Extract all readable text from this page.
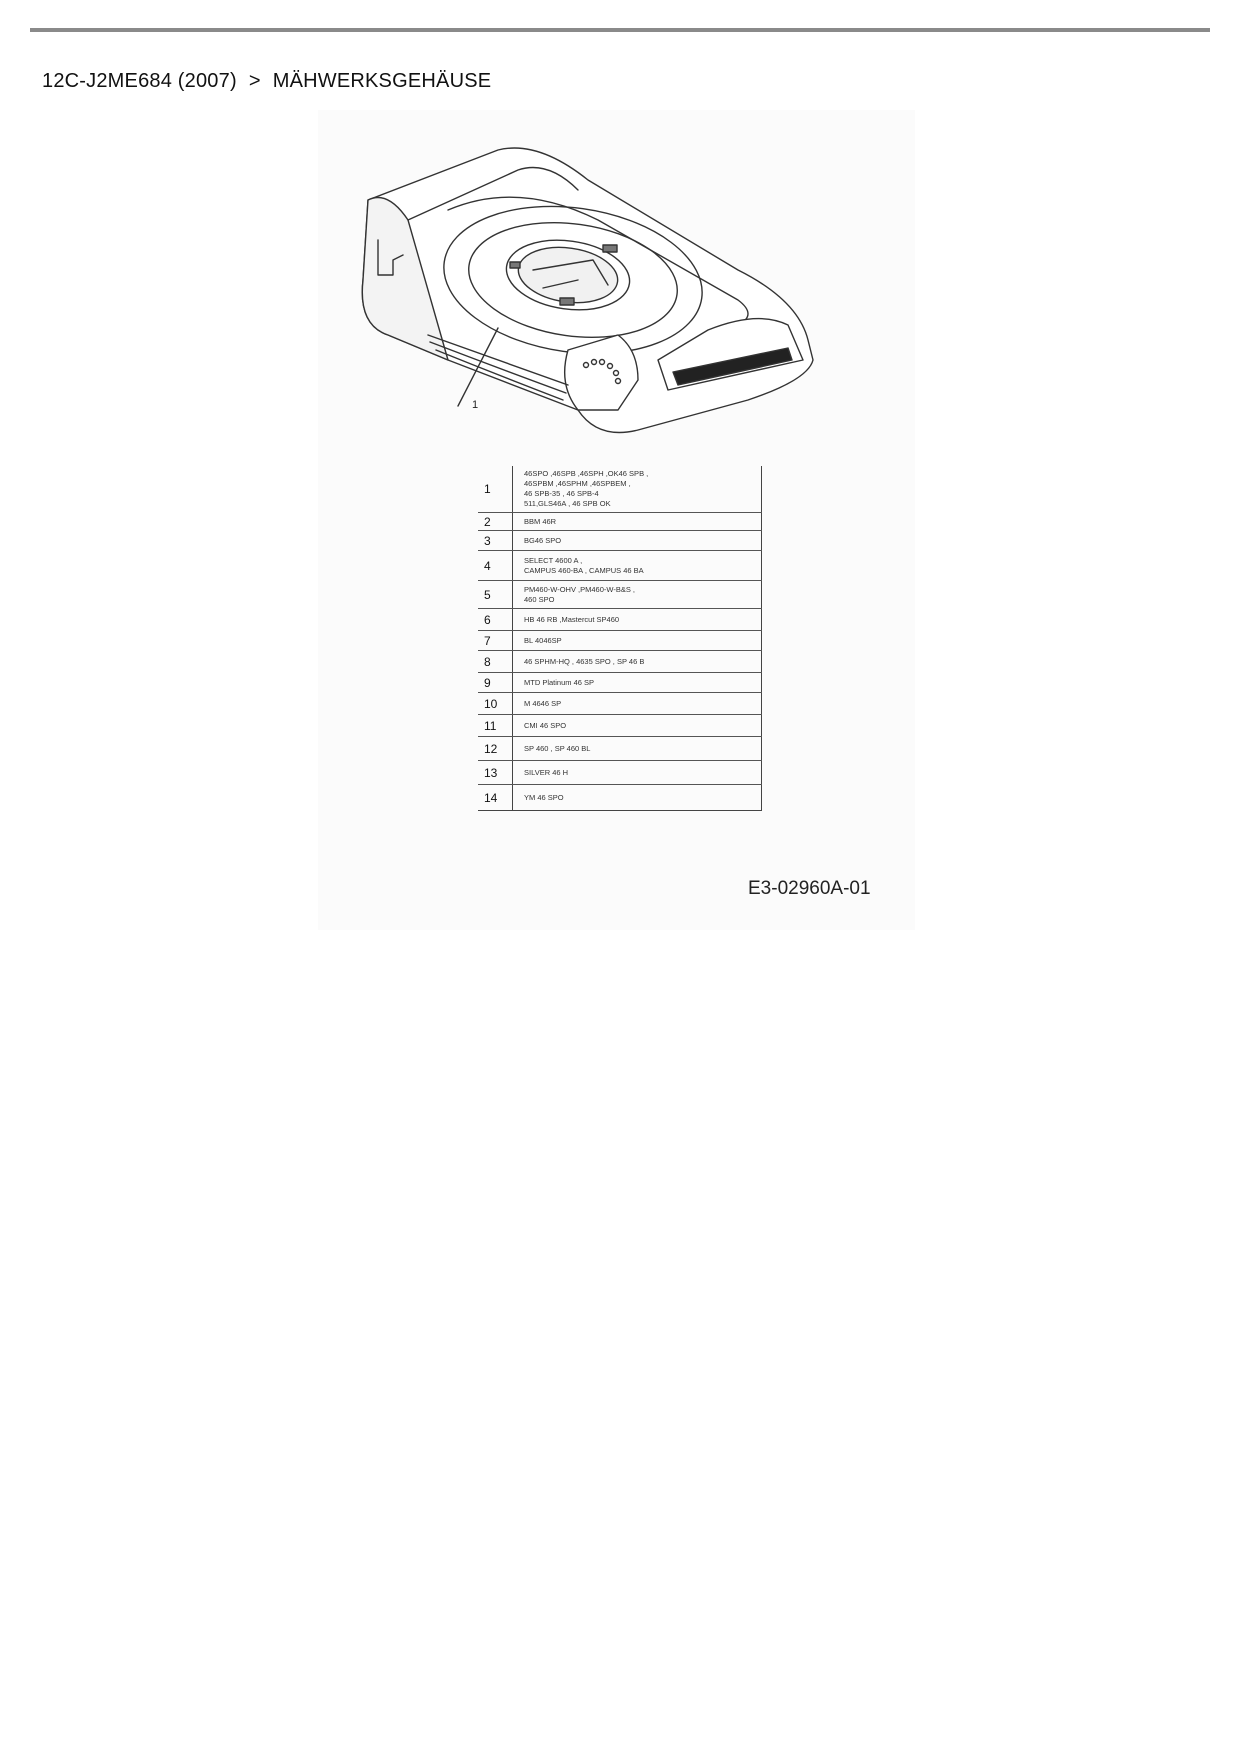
12C-J2ME684 (2007) > MÄHWERKSGEHÄUSE
1
1	46SPO ,46SPB ,46SPH ,OK46 SPB ,
46SPBM ,46SPHM ,46SPBEM ,
46 SPB-35 , 46 SPB-4
511,GLS46A , 46 SPB OK
2	BBM 46R
3	BG46 SPO
4	SELECT 4600 A ,
CAMPUS 460-BA , CAMPUS 46 BA
5	PM460-W-OHV ,PM460-W-B&S ,
460 SPO
6	HB 46 RB ,Mastercut SP460
7	BL 4046SP
8	46 SPHM-HQ , 4635 SPO , SP 46 B
9	MTD Platinum 46 SP
10	M 4646 SP
11	CMI 46 SPO
12	SP 460 , SP 460 BL
13	SILVER 46 H
14	YM 46 SPO
E3-02960A-01
